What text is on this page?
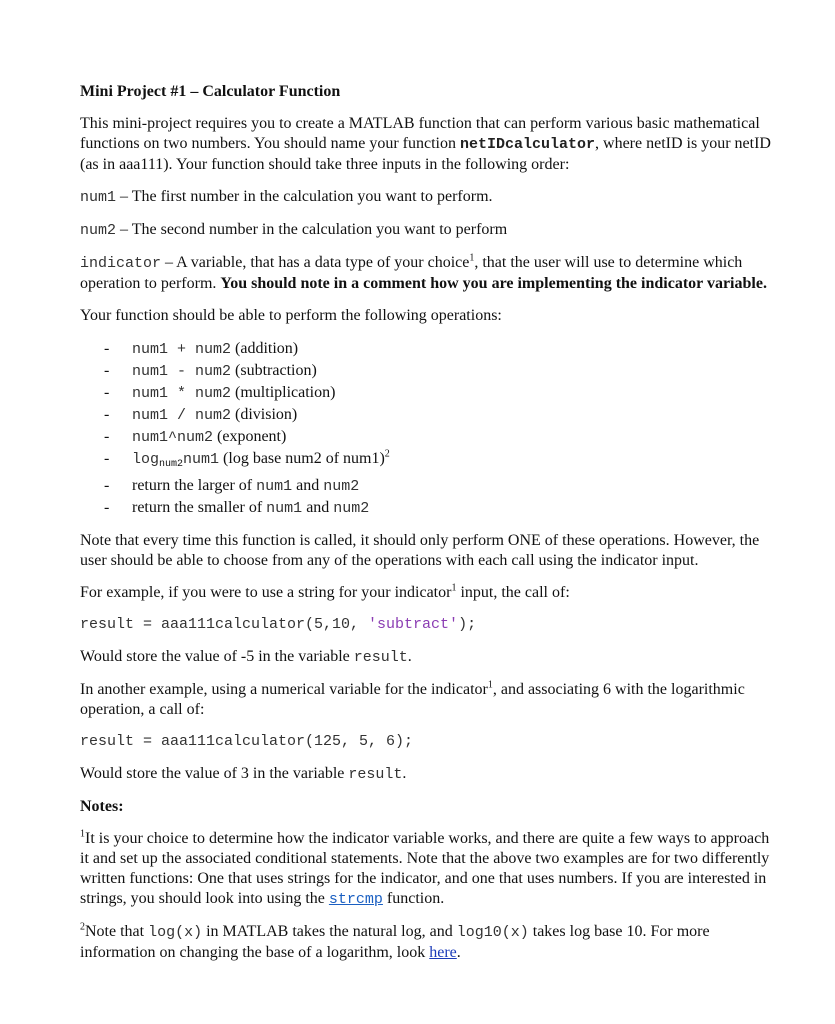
Mini Project #1 – Calculator Function

This mini-project requires you to create a MATLAB function that can perform various basic mathematical functions on two numbers. You should name your function netIDcalculator, where netID is your netID (as in aaa111). Your function should take three inputs in the following order:

num1 – The first number in the calculation you want to perform.

num2 – The second number in the calculation you want to perform

indicator – A variable, that has a data type of your choice$^1$, that the user will use to determine which operation to perform. You should note in a comment how you are implementing the indicator variable.

Your function should be able to perform the following operations:

- num1 + num2 (addition)
- num1 - num2 (subtraction)
- num1 * num2 (multiplication)
- num1 / num2 (division)
- num1^num2 (exponent)
- $\log_{num2}num1$ (log base num2 of num1)$^2$
- return the larger of num1 and num2
- return the smaller of num1 and num2

Note that every time this function is called, it should only perform ONE of these operations. However, the user should be able to choose from any of the operations with each call using the indicator input.

For example, if you were to use a string for your indicator$^1$ input, the call of:

result = aaa111calculator(5,10, 'subtract');

Would store the value of -5 in the variable result.

In another example, using a numerical variable for the indicator$^1$, and associating 6 with the logarithmic operation, a call of:

result = aaa111calculator(125, 5, 6);

Would store the value of 3 in the variable result.

Notes:

$^1$It is your choice to determine how the indicator variable works, and there are quite a few ways to approach it and set up the associated conditional statements. Note that the above two examples are for two differently written functions: One that uses strings for the indicator, and one that uses numbers. If you are interested in strings, you should look into using the strcmp function.

$^2$Note that log(x) in MATLAB takes the natural log, and log10(x) takes log base 10. For more information on changing the base of a logarithm, look here.
